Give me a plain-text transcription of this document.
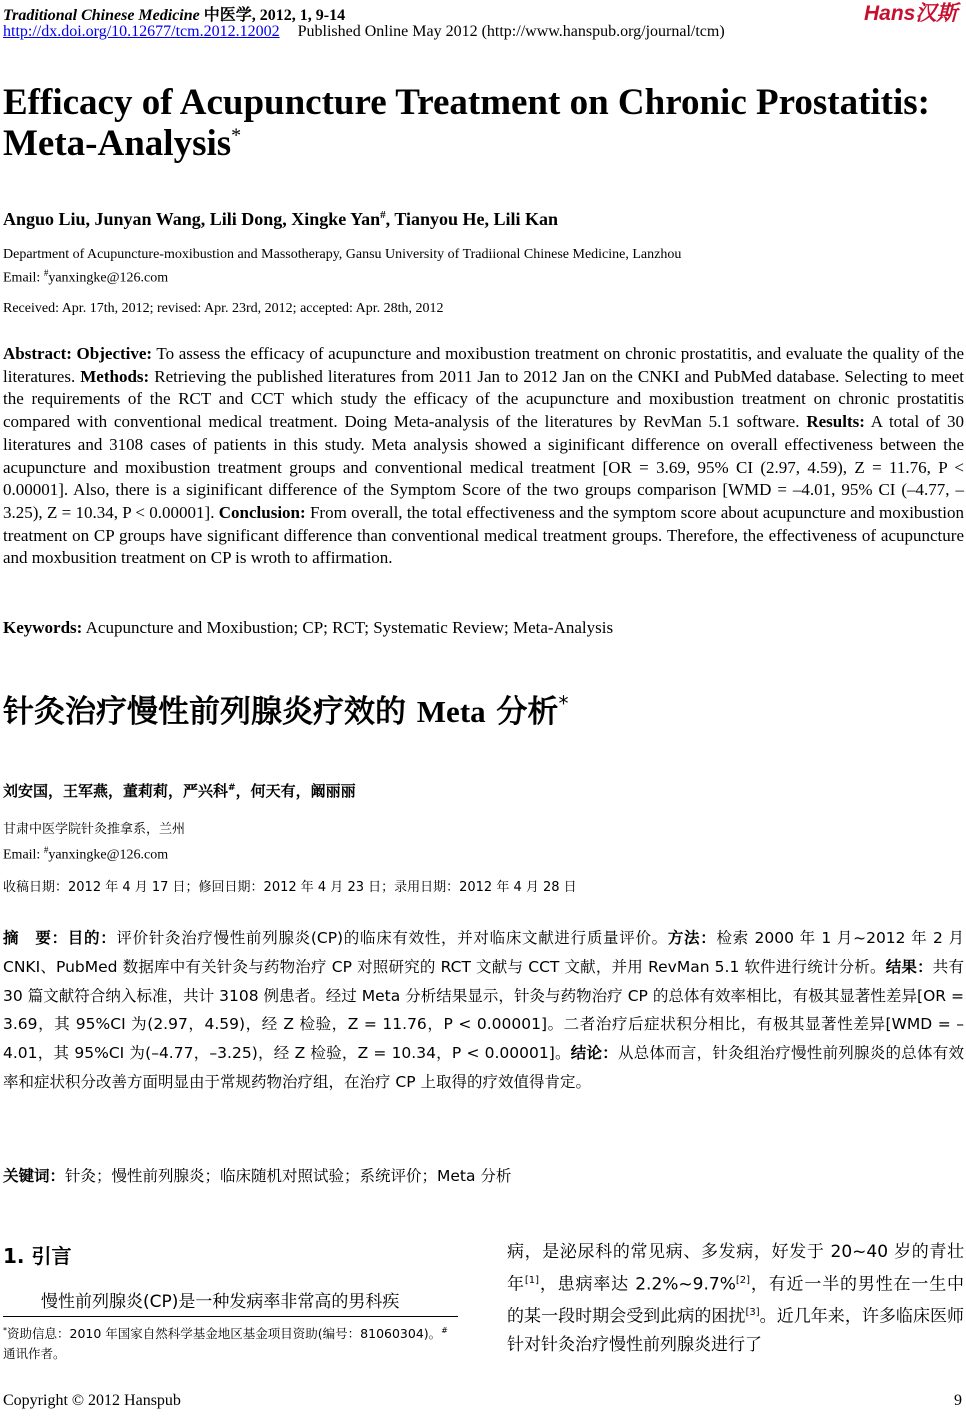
Traditional Chinese Medicine 中医学, 2012, 1, 9-14
http://dx.doi.org/10.12677/tcm.2012.12002 Published Online May 2012 (http://www.hanspub.org/journal/tcm)
Hans汉斯
Efficacy of Acupuncture Treatment on Chronic Prostatitis:
Meta-Analysis*
Anguo Liu, Junyan Wang, Lili Dong, Xingke Yan#, Tianyou He, Lili Kan
Department of Acupuncture-moxibustion and Massotherapy, Gansu University of Tradiional Chinese Medicine, Lanzhou
Email: #yanxingke@126.com
Received: Apr. 17th, 2012; revised: Apr. 23rd, 2012; accepted: Apr. 28th, 2012
Abstract: Objective: To assess the efficacy of acupuncture and moxibustion treatment on chronic prostatitis, and evaluate the quality of the literatures. Methods: Retrieving the published literatures from 2011 Jan to 2012 Jan on the CNKI and PubMed database. Selecting to meet the requirements of the RCT and CCT which study the efficacy of the acupuncture and moxibustion treatment on chronic prostatitis compared with conventional medical treatment. Doing Meta-analysis of the literatures by RevMan 5.1 software. Results: A total of 30 literatures and 3108 cases of patients in this study. Meta analysis showed a siginificant difference on overall effectiveness between the acupuncture and moxibustion treatment groups and conventional medical treatment [OR = 3.69, 95% CI (2.97, 4.59), Z = 11.76, P < 0.00001]. Also, there is a siginificant difference of the Symptom Score of the two groups comparison [WMD = –4.01, 95% CI (–4.77, –3.25), Z = 10.34, P < 0.00001]. Conclusion: From overall, the total effectiveness and the symptom score about acupuncture and moxibustion treatment on CP groups have significant difference than conventional medical treatment groups. Therefore, the effectiveness of acupuncture and moxbusition treatment on CP is wroth to affirmation.
Keywords: Acupuncture and Moxibustion; CP; RCT; Systematic Review; Meta-Analysis
针灸治疗慢性前列腺炎疗效的 Meta 分析*
刘安国，王军燕，董莉莉，严兴科#，何天有，阚丽丽
甘肃中医学院针灸推拿系，兰州
Email: #yanxingke@126.com
收稿日期：2012 年 4 月 17 日；修回日期：2012 年 4 月 23 日；录用日期：2012 年 4 月 28 日
摘　要：目的：评价针灸治疗慢性前列腺炎(CP)的临床有效性，并对临床文献进行质量评价。方法：检索 2000 年 1 月~2012 年 2 月 CNKI、PubMed 数据库中有关针灸与药物治疗 CP 对照研究的 RCT 文献与 CCT 文献，并用 RevMan 5.1 软件进行统计分析。结果：共有 30 篇文献符合纳入标准，共计 3108 例患者。经过 Meta 分析结果显示，针灸与药物治疗 CP 的总体有效率相比，有极其显著性差异[OR = 3.69，其 95%CI 为(2.97，4.59)，经 Z 检验，Z = 11.76，P < 0.00001]。二者治疗后症状积分相比，有极其显著性差异[WMD = –4.01，其 95%CI 为(–4.77，–3.25)，经 Z 检验，Z = 10.34，P < 0.00001]。结论：从总体而言，针灸组治疗慢性前列腺炎的总体有效率和症状积分改善方面明显由于常规药物治疗组，在治疗 CP 上取得的疗效值得肯定。
关键词：针灸；慢性前列腺炎；临床随机对照试验；系统评价；Meta 分析
1. 引言
慢性前列腺炎(CP)是一种发病率非常高的男科疾
*资助信息：2010 年国家自然科学基金地区基金项目资助(编号：81060304)。#通讯作者。
病，是泌尿科的常见病、多发病，好发于 20~40 岁的青壮年[1]，患病率达 2.2%~9.7%[2]，有近一半的男性在一生中的某一段时期会受到此病的困扰[3]。近几年来，许多临床医师针对针灸治疗慢性前列腺炎进行了
Copyright © 2012 Hanspub	9
